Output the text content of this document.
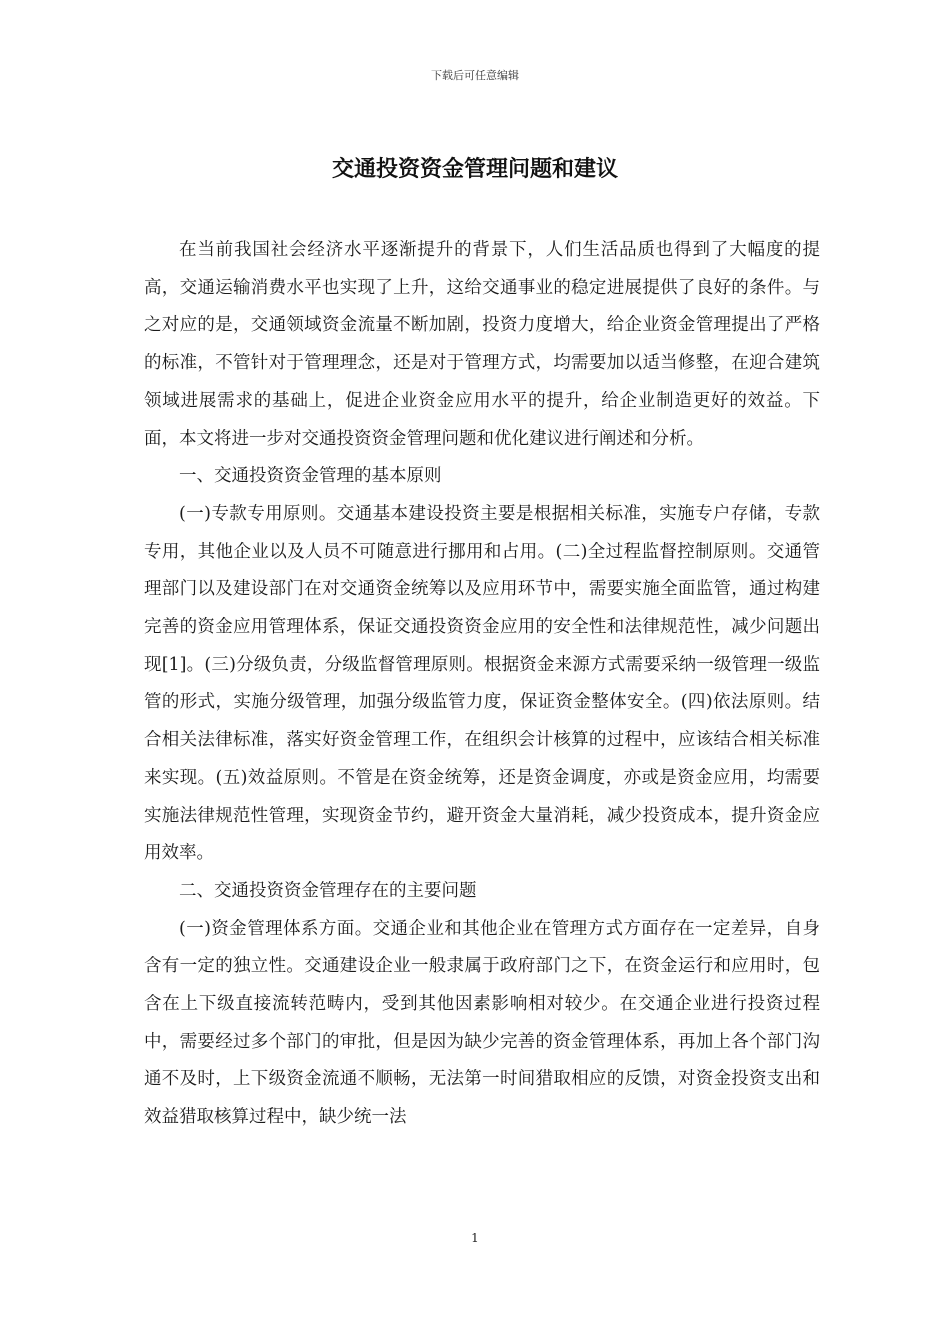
下载后可任意编辑
交通投资资金管理问题和建议

在当前我国社会经济水平逐渐提升的背景下，人们生活品质也得到了大幅度的提高，交通运输消费水平也实现了上升，这给交通事业的稳定进展提供了良好的条件。与之对应的是，交通领域资金流量不断加剧，投资力度增大，给企业资金管理提出了严格的标准，不管针对于管理理念，还是对于管理方式，均需要加以适当修整，在迎合建筑领域进展需求的基础上，促进企业资金应用水平的提升，给企业制造更好的效益。下面，本文将进一步对交通投资资金管理问题和优化建议进行阐述和分析。

一、交通投资资金管理的基本原则

(一)专款专用原则。交通基本建设投资主要是根据相关标准，实施专户存储，专款专用，其他企业以及人员不可随意进行挪用和占用。(二)全过程监督控制原则。交通管理部门以及建设部门在对交通资金统筹以及应用环节中，需要实施全面监管，通过构建完善的资金应用管理体系，保证交通投资资金应用的安全性和法律规范性，减少问题出现[1]。(三)分级负责，分级监督管理原则。根据资金来源方式需要采纳一级管理一级监管的形式，实施分级管理，加强分级监管力度，保证资金整体安全。(四)依法原则。结合相关法律标准，落实好资金管理工作，在组织会计核算的过程中，应该结合相关标准来实现。(五)效益原则。不管是在资金统筹，还是资金调度，亦或是资金应用，均需要实施法律规范性管理，实现资金节约，避开资金大量消耗，减少投资成本，提升资金应用效率。

二、交通投资资金管理存在的主要问题

(一)资金管理体系方面。交通企业和其他企业在管理方式方面存在一定差异，自身含有一定的独立性。交通建设企业一般隶属于政府部门之下，在资金运行和应用时，包含在上下级直接流转范畴内，受到其他因素影响相对较少。在交通企业进行投资过程中，需要经过多个部门的审批，但是因为缺少完善的资金管理体系，再加上各个部门沟通不及时，上下级资金流通不顺畅，无法第一时间猎取相应的反馈，对资金投资支出和效益猎取核算过程中，缺少统一法

1
